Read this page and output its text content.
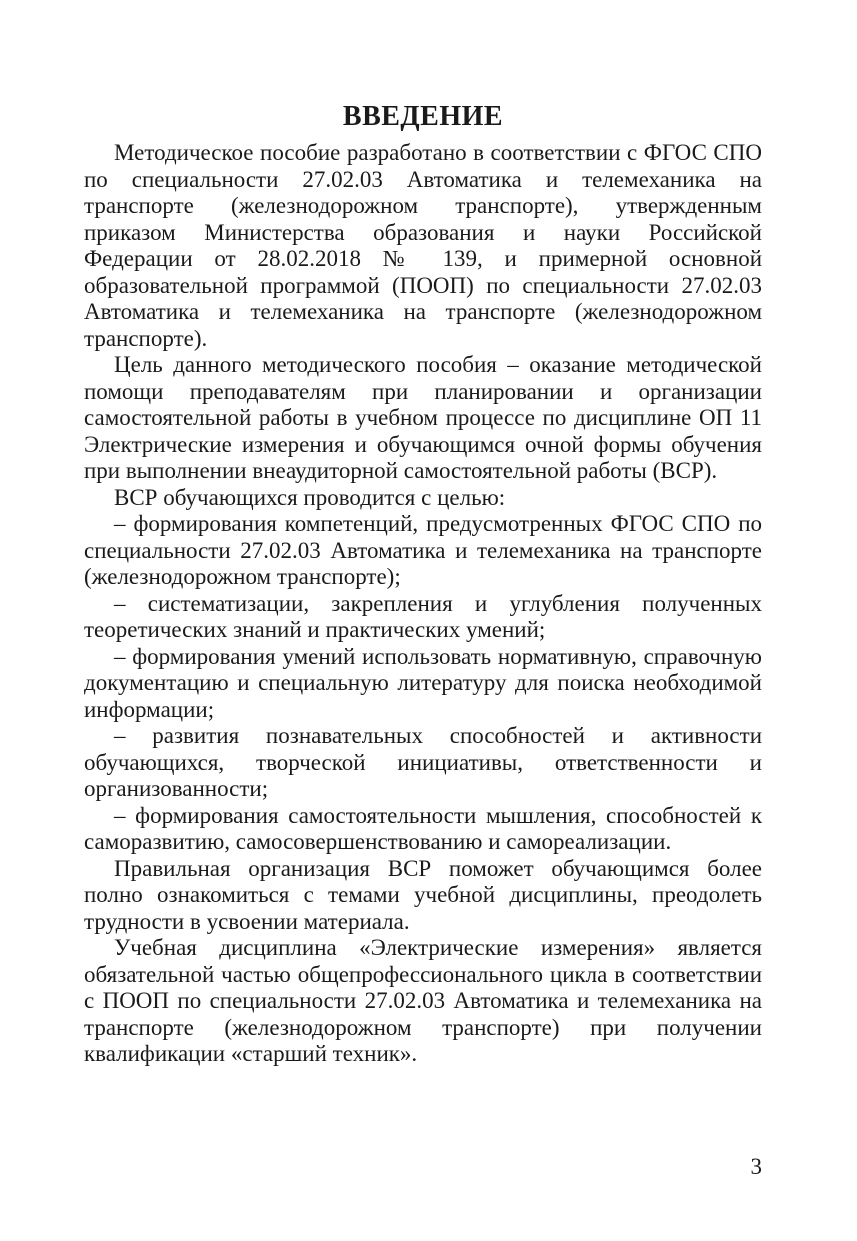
ВВЕДЕНИЕ

Методическое пособие разработано в соответствии с ФГОС СПО по специальности 27.02.03 Автоматика и телемеханика на транспорте (железнодорожном транспорте), утвержденным приказом Министерства образования и науки Российской Федерации от 28.02.2018 № 139, и примерной основной образовательной программой (ПООП) по специальности 27.02.03 Автоматика и телемеханика на транспорте (железнодорожном транспорте).

Цель данного методического пособия – оказание методической помощи преподавателям при планировании и организации самостоятельной работы в учебном процессе по дисциплине ОП 11 Электрические измерения и обучающимся очной формы обучения при выполнении внеаудиторной самостоятельной работы (ВСР).

ВСР обучающихся проводится с целью:

– формирования компетенций, предусмотренных ФГОС СПО по специальности 27.02.03 Автоматика и телемеханика на транспорте (железнодорожном транспорте);

– систематизации, закрепления и углубления полученных теоретических знаний и практических умений;

– формирования умений использовать нормативную, справочную документацию и специальную литературу для поиска необходимой информации;

– развития познавательных способностей и активности обучающихся, творческой инициативы, ответственности и организованности;

– формирования самостоятельности мышления, способностей к саморазвитию, самосовершенствованию и самореализации.

Правильная организация ВСР поможет обучающимся более полно ознакомиться с темами учебной дисциплины, преодолеть трудности в усвоении материала.

Учебная дисциплина «Электрические измерения» является обязательной частью общепрофессионального цикла в соответствии с ПООП по специальности 27.02.03 Автоматика и телемеханика на транспорте (железнодорожном транспорте) при получении квалификации «старший техник».

3
